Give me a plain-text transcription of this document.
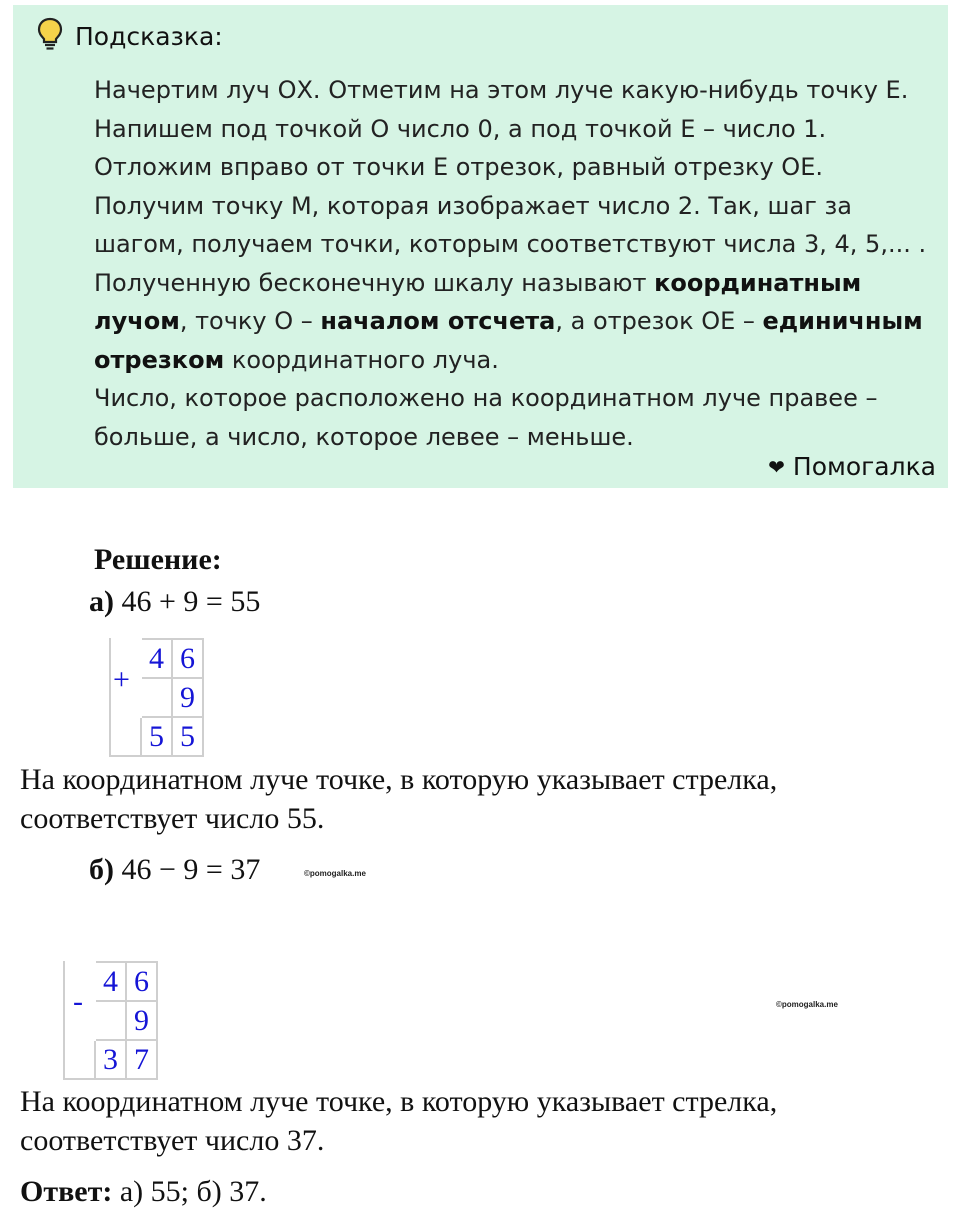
Подсказка:

Начертим луч ОХ. Отметим на этом луче какую-нибудь точку Е.

Напишем под точкой О число 0, а под точкой Е – число 1.

Отложим вправо от точки Е отрезок, равный отрезку ОЕ.

Получим точку М, которая изображает число 2. Так, шаг за

шагом, получаем точки, которым соответствуют числа 3, 4, 5,... .

Полученную бесконечную шкалу называют координатным
лучом, точку О – началом отсчета, а отрезок ОЕ – единичным
отрезком координатного луча.

Число, которое расположено на координатном луче правее –

больше, а число, которое левее – меньше.

❤ Помогалка
Решение:
а) 46 + 9 = 55
+
	4	6
		9
	5	5
На координатном луче точке, в которую указывает стрелка,
соответствует число 55.
б) 46 − 9 = 37	©pomogalka.me
-
	4	6
		9
	3	7
©pomogalka.me
На координатном луче точке, в которую указывает стрелка,
соответствует число 37.
Ответ: а) 55; б) 37.
